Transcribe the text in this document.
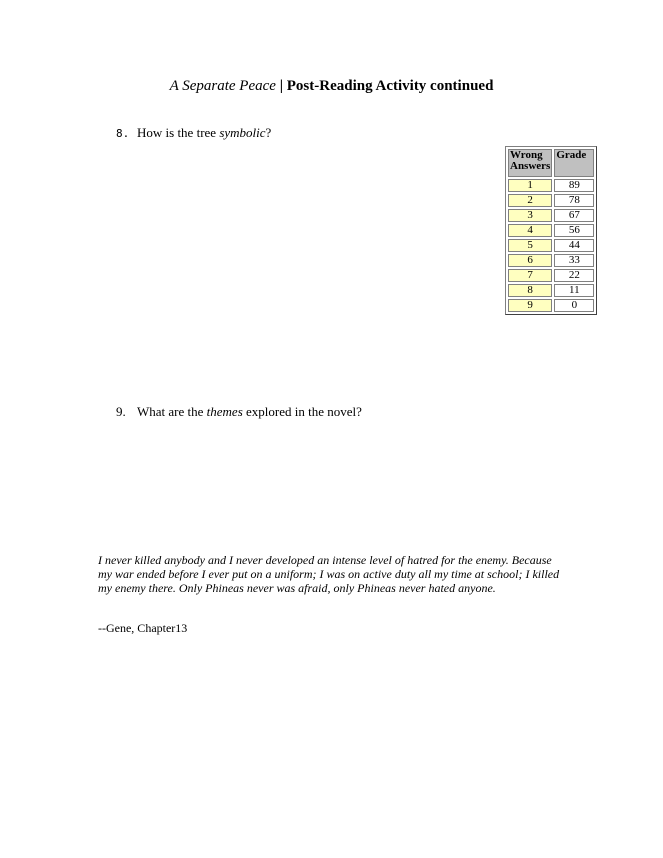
A Separate Peace | Post-Reading Activity continued
8. How is the tree symbolic?
Wrong
Answers	Grade
1	89
2	78
3	67
4	56
5	44
6	33
7	22
8	11
9	0
9. What are the themes explored in the novel?
I never killed anybody and I never developed an intense level of hatred for the enemy. Because my war ended before I ever put on a uniform; I was on active duty all my time at school; I killed my enemy there. Only Phineas never was afraid, only Phineas never hated anyone.
--Gene, Chapter13
